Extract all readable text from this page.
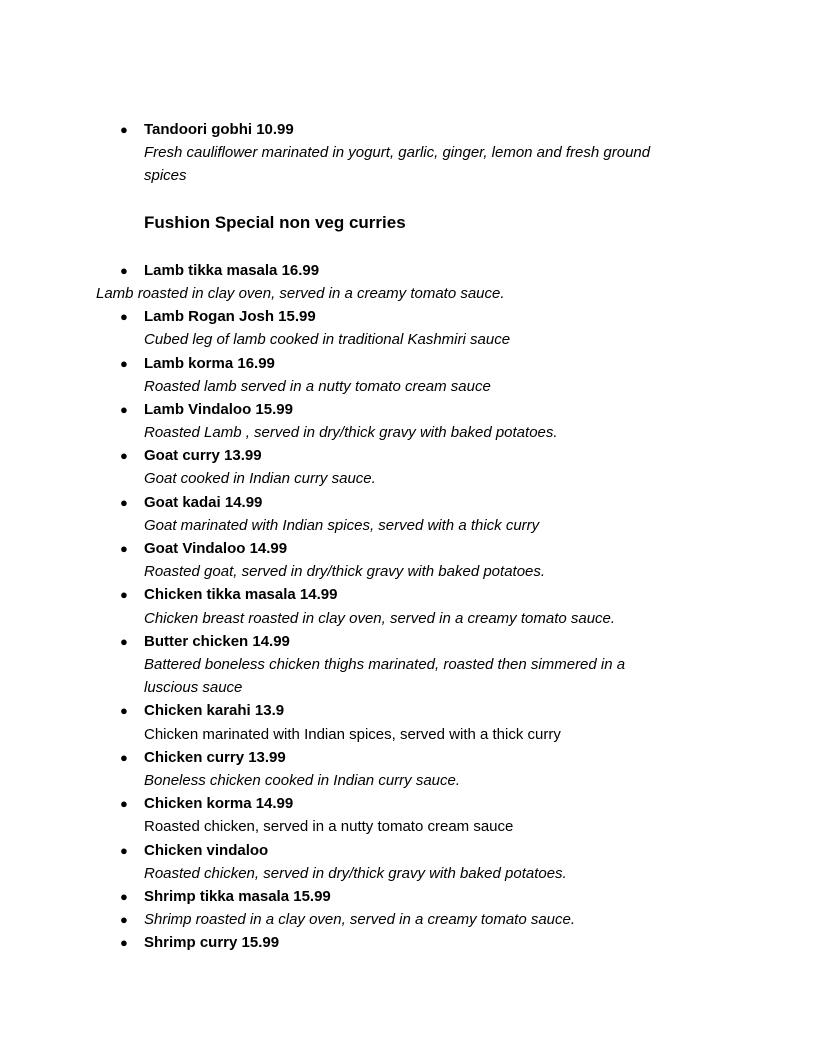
● Tandoori gobhi 10.99
Fresh cauliflower marinated in yogurt, garlic, ginger, lemon and fresh ground
spices
Fushion Special non veg curries
● Lamb tikka masala 16.99
Lamb roasted in clay oven, served in a creamy tomato sauce.
● Lamb Rogan Josh 15.99
Cubed leg of lamb cooked in traditional Kashmiri sauce
● Lamb korma 16.99
Roasted lamb served in a nutty tomato cream sauce
● Lamb Vindaloo 15.99
Roasted Lamb , served in dry/thick gravy with baked potatoes.
● Goat curry 13.99
Goat cooked in Indian curry sauce.
● Goat kadai 14.99
Goat marinated with Indian spices, served with a thick curry
● Goat Vindaloo 14.99
Roasted goat, served in dry/thick gravy with baked potatoes.
● Chicken tikka masala 14.99
Chicken breast roasted in clay oven, served in a creamy tomato sauce.
● Butter chicken 14.99
Battered boneless chicken thighs marinated, roasted then simmered in a
luscious sauce
● Chicken karahi 13.9
Chicken marinated with Indian spices, served with a thick curry
● Chicken curry 13.99
Boneless chicken cooked in Indian curry sauce.
● Chicken korma 14.99
Roasted chicken, served in a nutty tomato cream sauce
● Chicken vindaloo
Roasted chicken, served in dry/thick gravy with baked potatoes.
● Shrimp tikka masala 15.99
● Shrimp roasted in a clay oven, served in a creamy tomato sauce.
● Shrimp curry 15.99
